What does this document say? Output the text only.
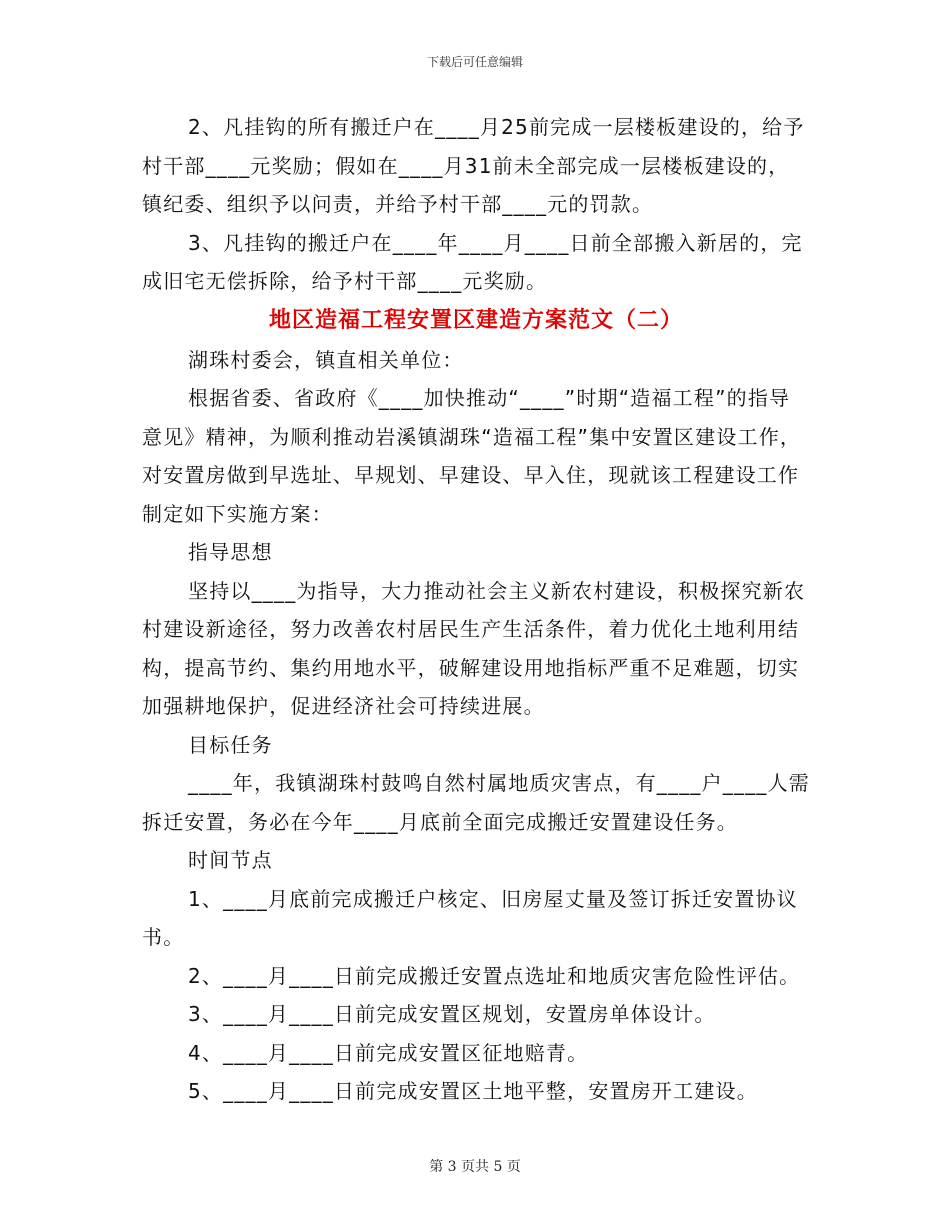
下载后可任意编辑

2、凡挂钩的所有搬迁户在____月25前完成一层楼板建设的，给予村干部____元奖励；假如在____月31前未全部完成一层楼板建设的，镇纪委、组织予以问责，并给予村干部____元的罚款。

3、凡挂钩的搬迁户在____年____月____日前全部搬入新居的，完成旧宅无偿拆除，给予村干部____元奖励。

地区造福工程安置区建造方案范文（二）

湖珠村委会，镇直相关单位：

根据省委、省政府《____加快推动“____”时期“造福工程”的指导意见》精神，为顺利推动岩溪镇湖珠“造福工程”集中安置区建设工作，对安置房做到早选址、早规划、早建设、早入住，现就该工程建设工作制定如下实施方案：

指导思想

坚持以____为指导，大力推动社会主义新农村建设，积极探究新农村建设新途径，努力改善农村居民生产生活条件，着力优化土地利用结构，提高节约、集约用地水平，破解建设用地指标严重不足难题，切实加强耕地保护，促进经济社会可持续进展。

目标任务

____年，我镇湖珠村鼓鸣自然村属地质灾害点，有____户____人需拆迁安置，务必在今年____月底前全面完成搬迁安置建设任务。

时间节点

1、____月底前完成搬迁户核定、旧房屋丈量及签订拆迁安置协议书。

2、____月____日前完成搬迁安置点选址和地质灾害危险性评估。

3、____月____日前完成安置区规划，安置房单体设计。

4、____月____日前完成安置区征地赔青。

5、____月____日前完成安置区土地平整，安置房开工建设。

第 3 页共 5 页
